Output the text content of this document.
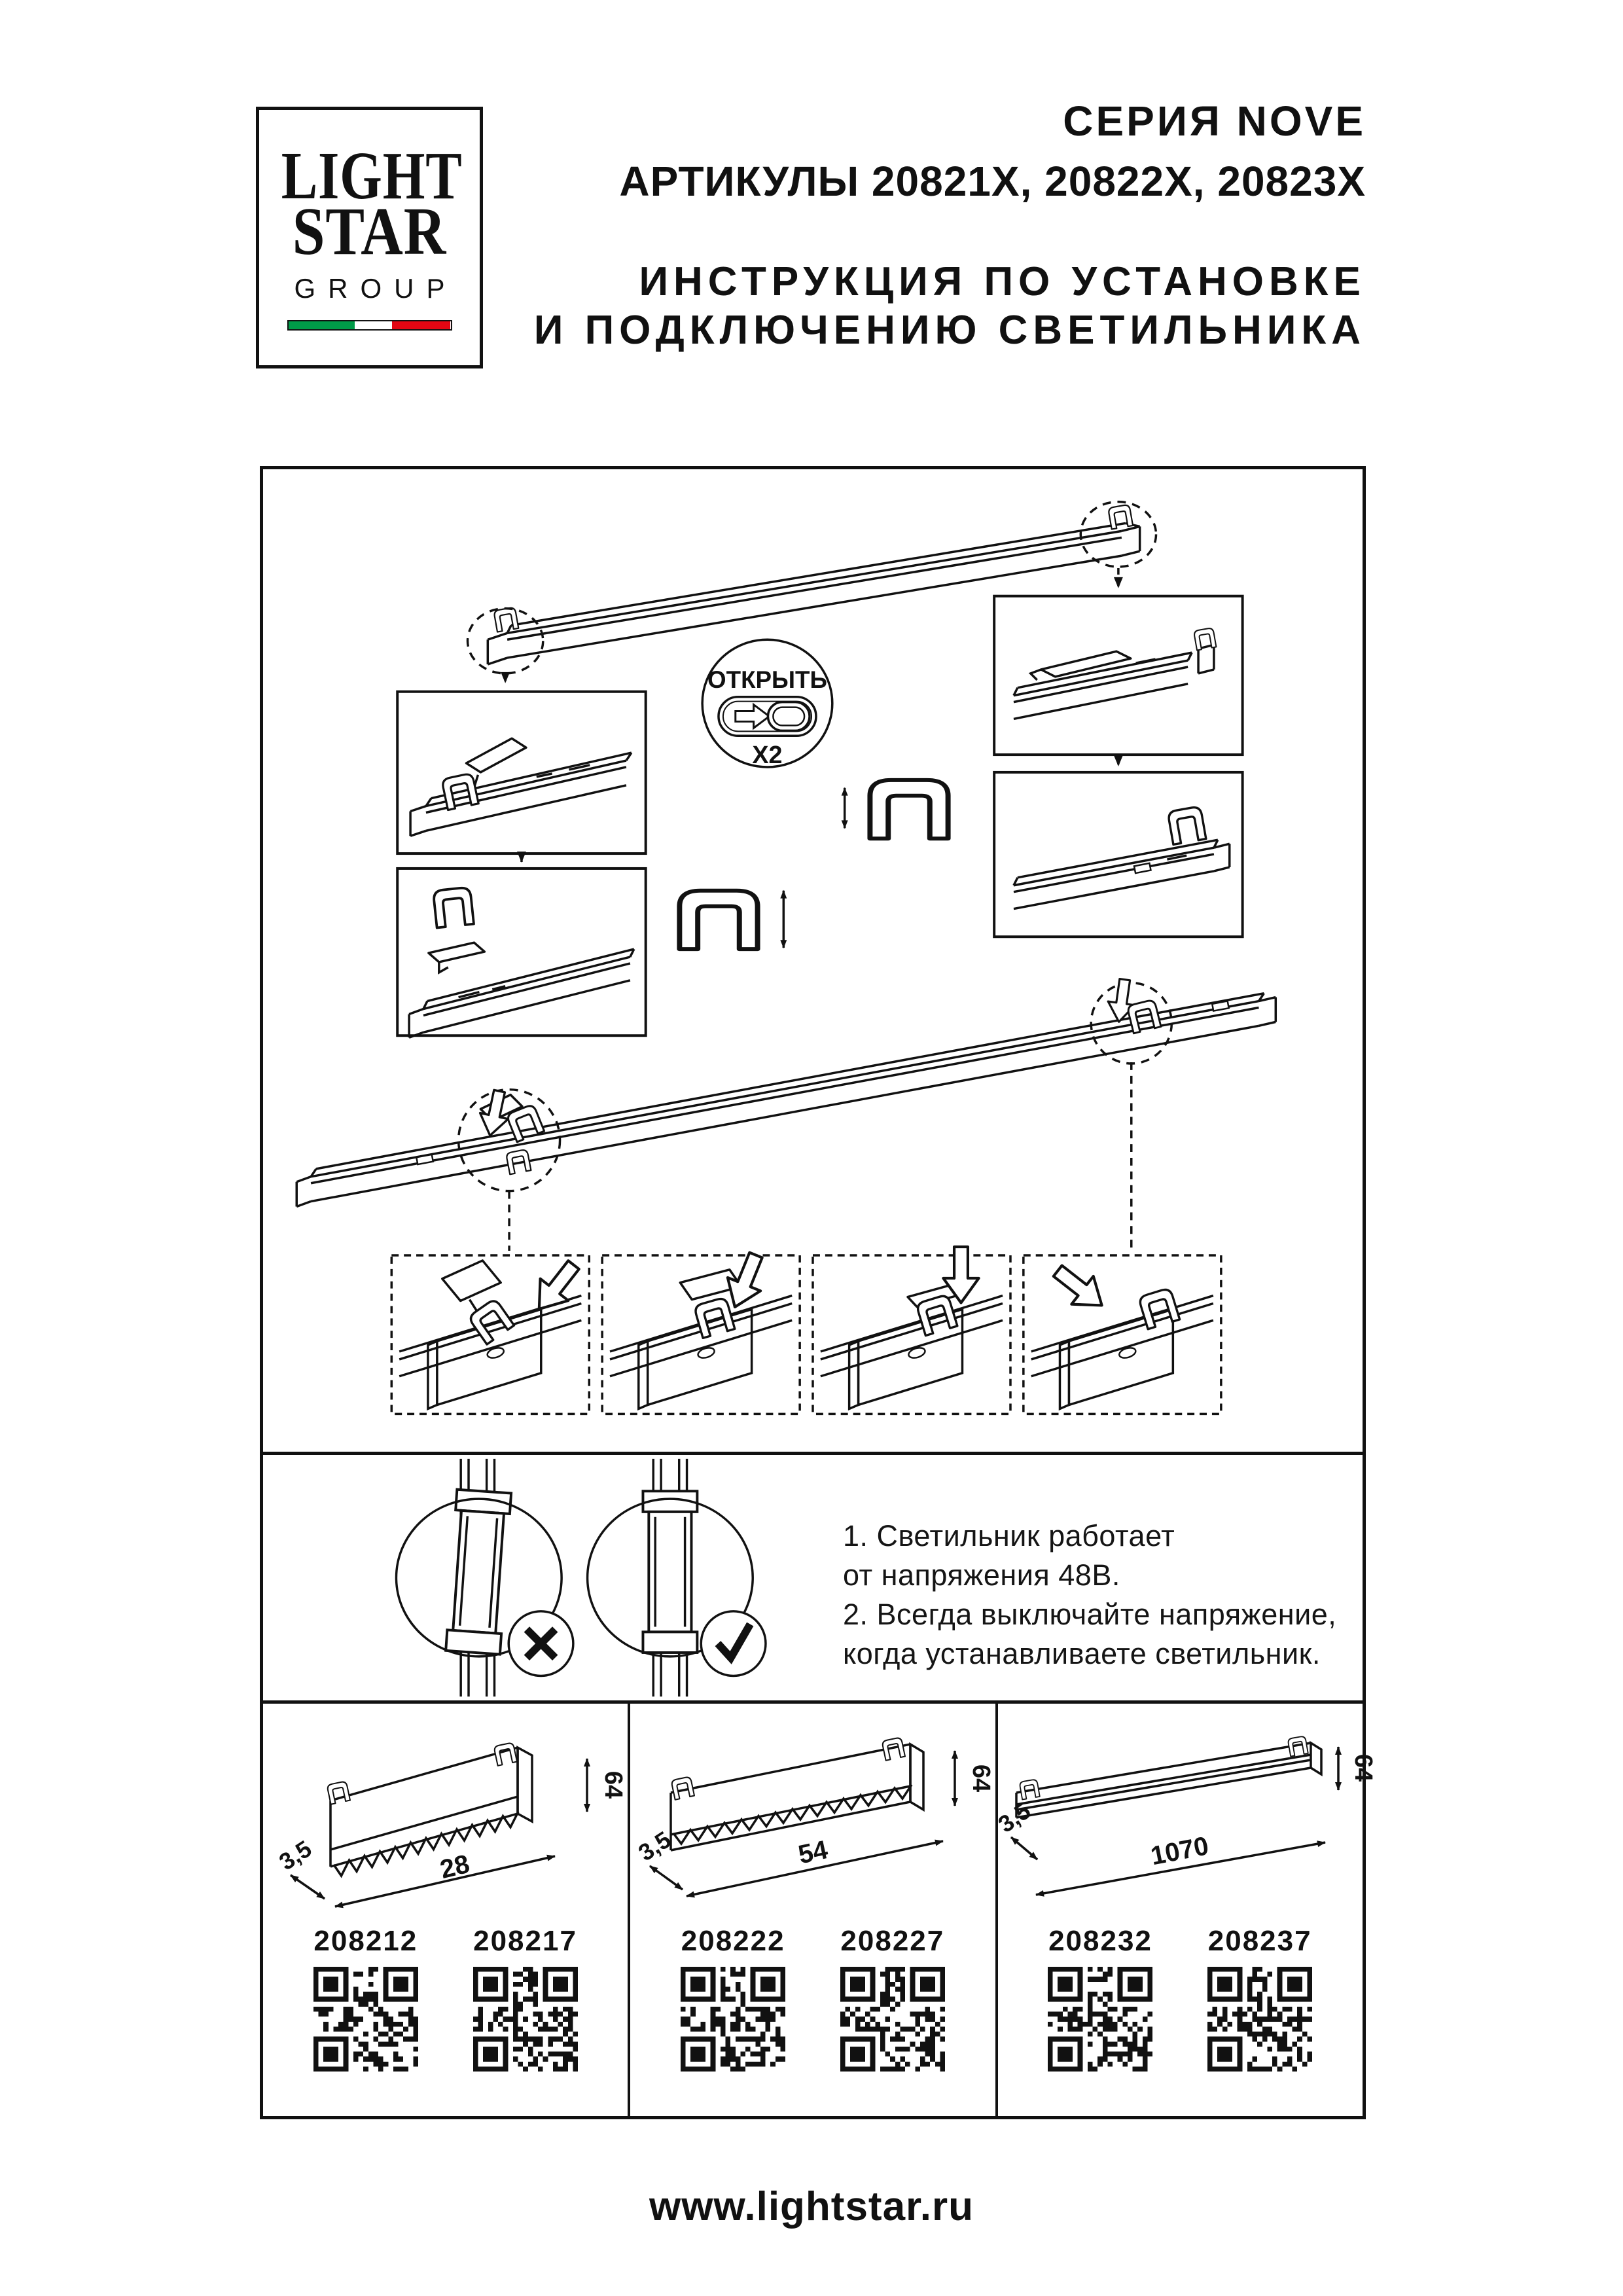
LIGHT
STAR
GROUP
СЕРИЯ NOVE
АРТИКУЛЫ 20821X, 20822X, 20823X
ИНСТРУКЦИЯ ПО УСТАНОВКЕ
И ПОДКЛЮЧЕНИЮ СВЕТИЛЬНИКА
ОТКРЫТЬ
X2
1. Светильник работает
от напряжения 48В.
2. Всегда выключайте напряжение,
когда устанавливаете светильник.
64
28
3,5
208212	208217
64
54
3,5
208222	208227
64
1070
3,5
208232	208237
www.lightstar.ru
